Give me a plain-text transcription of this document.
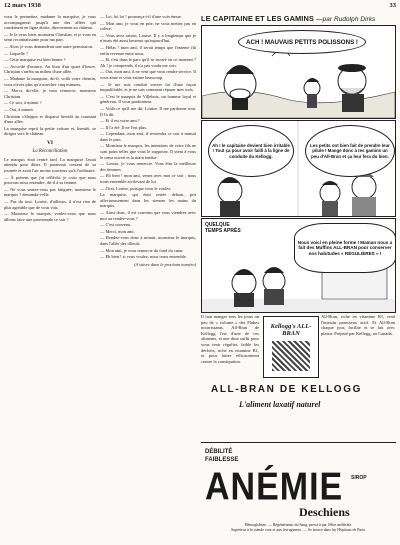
12 mars 1938	33

vous le permettez, madame la marquise, je vous accompagnerai jusqu'à une des allées qui conduisent en ligne droite, directement au château.

— Je le veux bien, monsieur Christian, et je vous en serai reconnaissante pour ma part.

— Alors je vous demanderai une autre permission.

— Laquelle ?

— Cette marquise est bien bonne ?

— Accordé d'avance. Au bout d'un quart d'heure, Christian s'arrêta au milieu d'une allée.

— Madame la marquise, dit-il, voilà votre chemin, vous n'avez plus qu'à marcher cinq minutes.

— Merci, dit-elle, je vous remercie, monsieur Christian.

— Ce soir, à minuit ?

— Oui, à minuit.

Christian s'éloigna et disparut bientôt au tournant d'une allée.

La marquise reprit la petite voiture et, bientôt, se dirigea vers le château.

VI
La Réconciliation

Le marquis était rentré tard. La marquise l'avait attendu pour dîner. Il paraissait content de sa journée et avait l'air moins soucieux qu'à l'ordinaire.

— À présent que j'ai réfléchi, je crois que nous pouvons nous entendre, dit-il à sa femme.

— Ne vous sentez-vous pas fatiguée, monsieur le marquis ? demanda-t-elle.

— Pas du tout. Louise, d'ailleurs, il n'est rien de plus agréable que de vous voir.

— Monsieur le marquis, voulez-vous que nous allions faire une promenade ce soir ?

— Loi, loi loi ! prononça-t-il d'une voix émue.

— Mon ami, je vous en prie, ne vous mettez pas en colère.

— Vous avez raison, Louise. Il y a longtemps que je n'avais été aussi heureux qu'aujourd'hui.

— Hélas ! mon ami, il serait temps que l'entente fût enfin revenue entre nous.

— Et c'est dans le parc qu'il se trouve en ce moment ? Ah ! je comprends, il n'a pas voulu me voir.

— Oui, mon ami, il ne veut que vous rendre service. Il vous aime et vous estime beaucoup.

— Je me suis conduit envers lui d'une façon inqualifiable, et je ne sais comment réparer mes torts.

— C'est le marquis de Villebois, un homme loyal et généreux. Il vous pardonnera.

— Voilà ce qu'il me dit, Louise. Il me pardonne tout. Il l'a dit.

— Et il est votre ami ?

— Il l'a été. Il ne l'est plus.

— Cependant, mon ami, il reviendra ce soir à minuit dans le parc.

— Monsieur le marquis, les intentions de votre fils ne sont point telles que vous le supposez. Il vient à vous le cœur ouvert et la main tendue.

— Louise, je vous remercie. Vous êtes la meilleure des femmes.

— Eh bien ! mon ami, venez avec moi ce soir ; nous irons ensemble au-devant de lui.

— J'irai, Louise, puisque vous le voulez.

La marquise, qui était restée debout, prit affectueusement dans les siennes les mains du marquis.

— Ainsi donc, il est convenu que vous viendrez avec moi au rendez-vous ?

— C'est convenu.

— Merci, mon ami.

— Rendez-vous donc à minuit, monsieur le marquis, dans l'allée des tilleuls.

— Mon ami, je vous remercie du fond du cœur.

— Eh bien ! si vous voulez, nous irons ensemble.

(A suivre dans le prochain numéro)
LE CAPITAINE ET LES GAMINS —par Rudolph Dirks
ACH ! MAUVAIS PETITS POLISSONS !
Ah ! le capitaine devient bien irritable ! Tout ça pour avoir failli à la ligne de conduite du Kellogg.
Les petits ont bien fait de prendre leur pilule ! Mange donc à tes gamins un peu d'All-Bran et ça leur fera du bien.
QUELQUE TEMPS APRÈS
Nous voici en pleine forme ! Maman nous a fait des Muffins ALL-BRAN pour conserver nos habitudes « RÉGULIÈRES » !
Il faut manger tous les jours un peu de « volume » des Flakes nourrissants. All-Bran de Kellogg l'est d'une de ces aliments, et une dose suffit pour vous tenir régulier, faible les déchets, riche en vitamine B1, et pour lutter efficacement contre la constipation.
Kellogg's ALL-BRAN
All-Bran, riche en vitamine B1, rend l'intestin paresseux actif. Et All-Bran chaque jour, facilite et se fait avec plaisir. Préparé par Kellogg, au Canada.
ALL-BRAN DE KELLOGG
L'aliment laxatif naturel
DÉBILITÉ
FAIBLESSE
ANÉMIE SIROP
Deschiens
Hémoglobine. — Régénérateur du Sang, prescrit par l'élite médicale.
Supérieur à la viande crue et aux ferrugineux. — Se trouve dans les Hôpitaux de Paris.
